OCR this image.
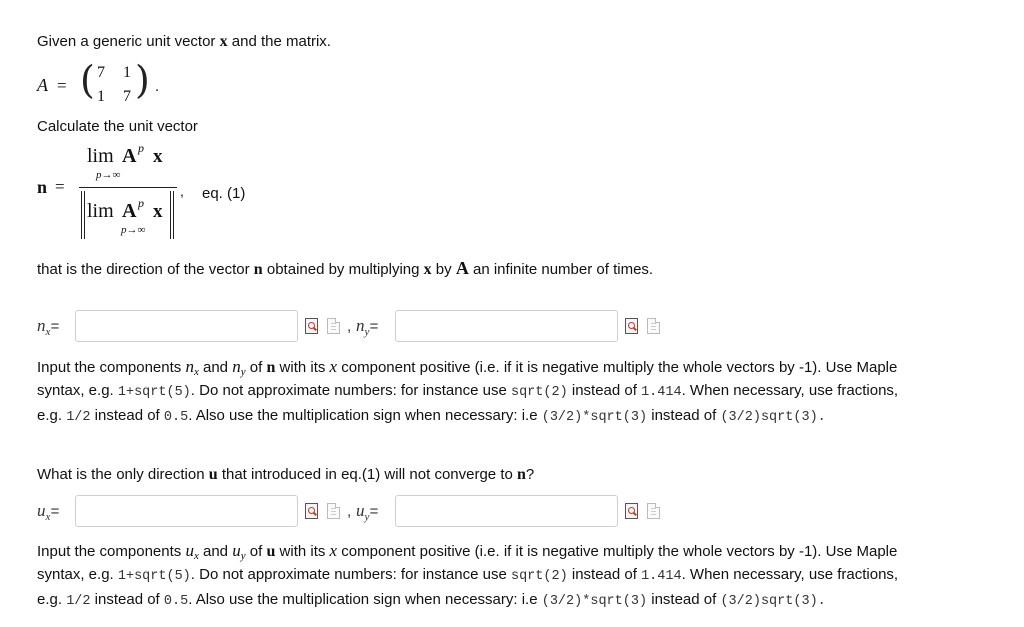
Given a generic unit vector x and the matrix.
A = ( 7 1
1 7 ) .
Calculate the unit vector
n =
lim A p x
p→∞
lim A p x
p→∞
, eq. (1)
that is the direction of the vector n obtained by multiplying x by A an infinite number of times.
$n_x=$	, $n_y=$
Input the components $n_x$ and $n_y$ of n with its x component positive (i.e. if it is negative multiply the whole vectors by -1). Use Maple
syntax, e.g. 1+sqrt(5). Do not approximate numbers: for instance use sqrt(2) instead of 1.414. When necessary, use fractions,
e.g. 1/2 instead of 0.5. Also use the multiplication sign when necessary: i.e (3/2)*sqrt(3) instead of (3/2)sqrt(3).
What is the only direction u that introduced in eq.(1) will not converge to n?
$u_x=$	, $u_y=$
Input the components $u_x$ and $u_y$ of u with its x component positive (i.e. if it is negative multiply the whole vectors by -1). Use Maple
syntax, e.g. 1+sqrt(5). Do not approximate numbers: for instance use sqrt(2) instead of 1.414. When necessary, use fractions,
e.g. 1/2 instead of 0.5. Also use the multiplication sign when necessary: i.e (3/2)*sqrt(3) instead of (3/2)sqrt(3).
